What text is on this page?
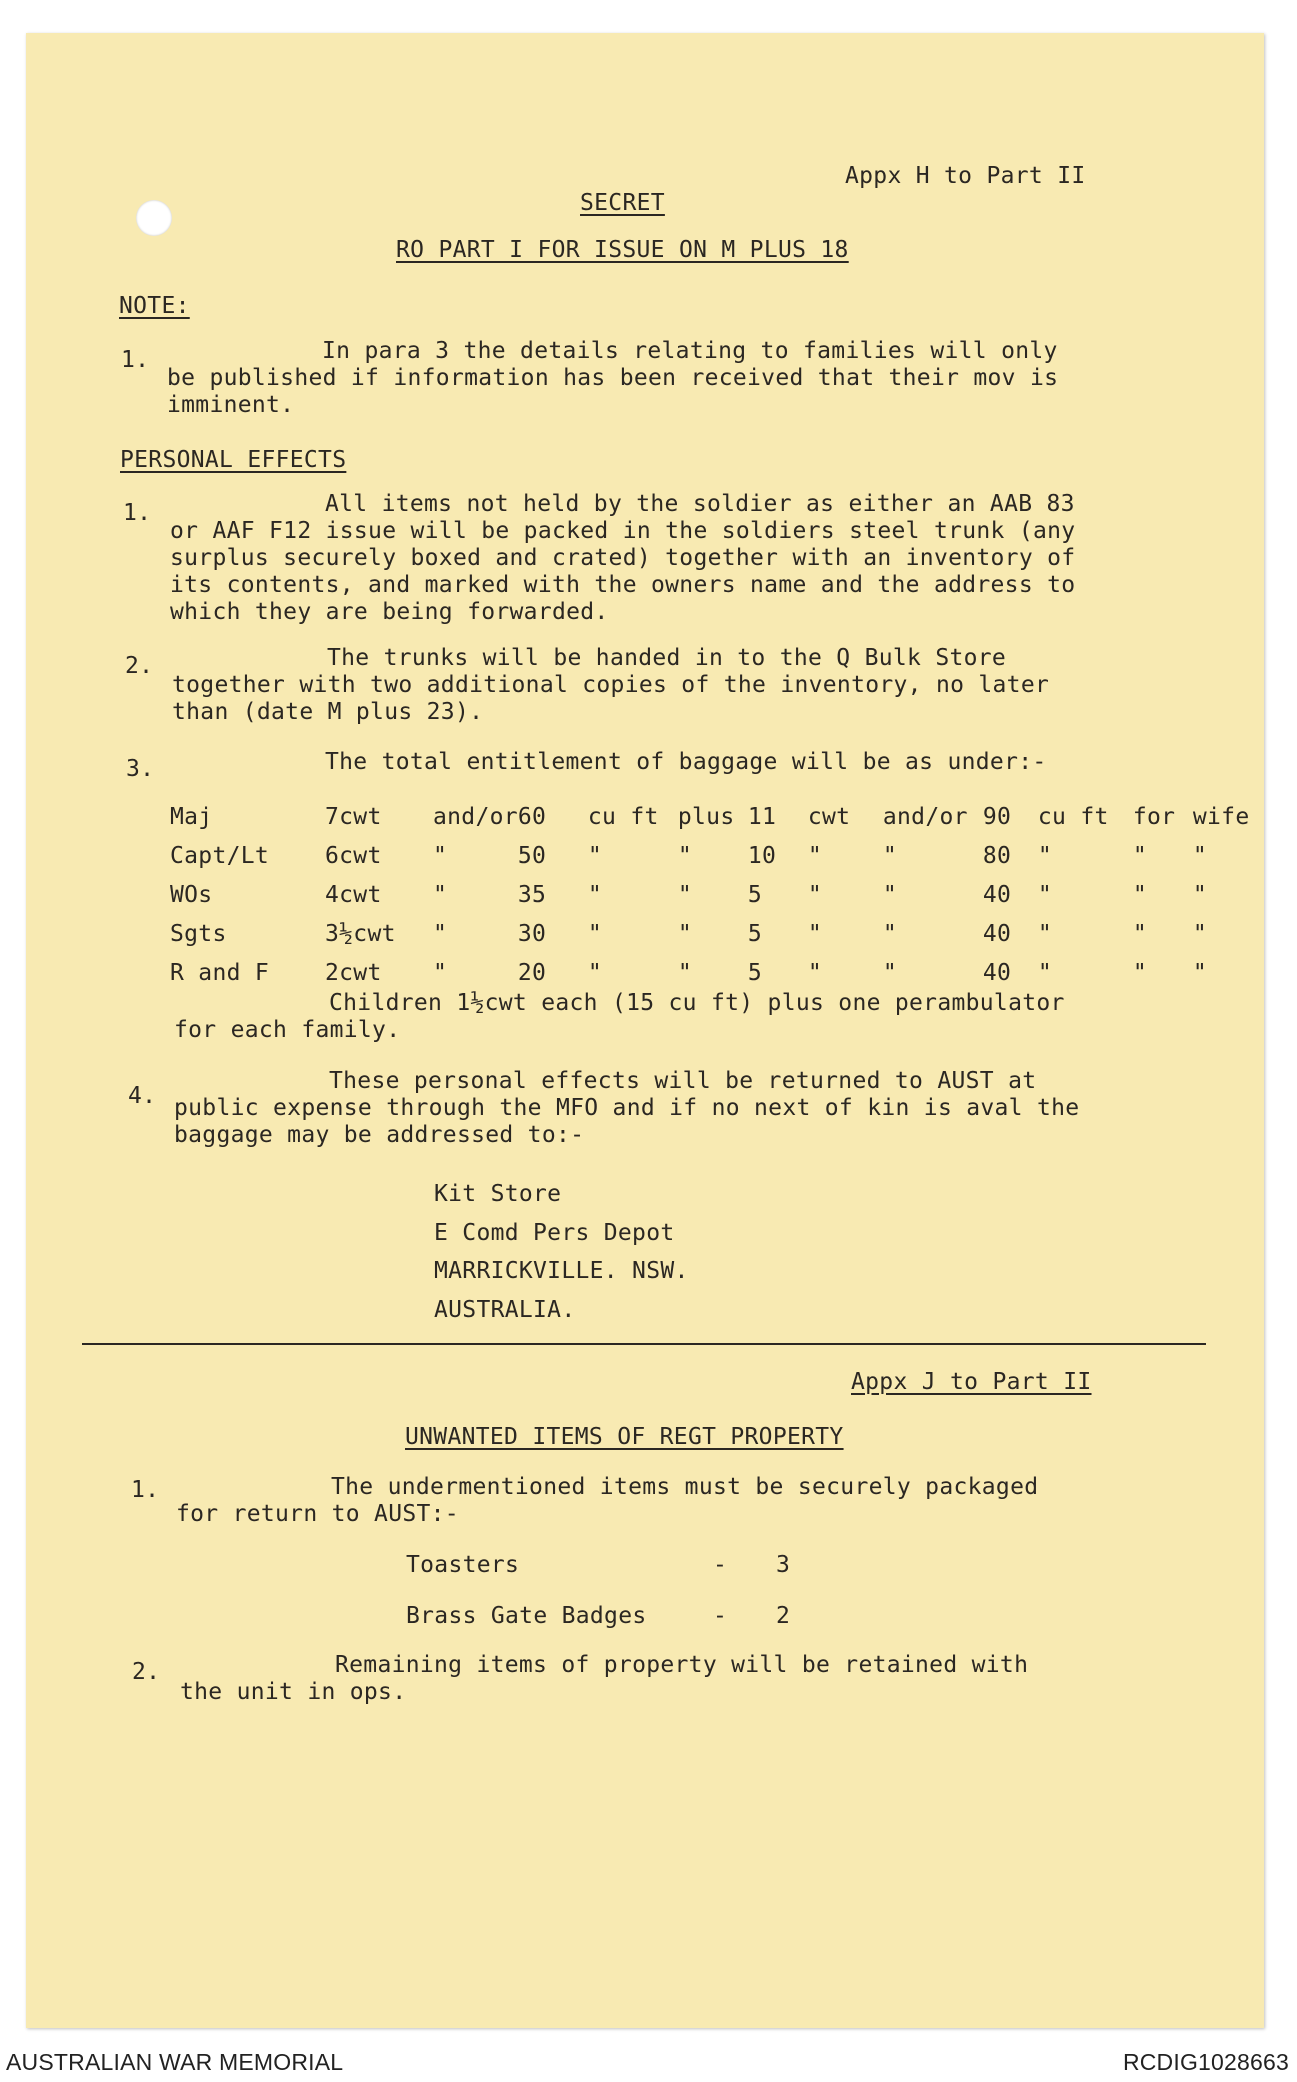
Appx H to Part II
SECRET
RO PART I FOR ISSUE ON M PLUS 18
NOTE:
1.	In para 3 the details relating to families will only
be published if information has been received that their mov is
imminent.
PERSONAL EFFECTS
1.	All items not held by the soldier as either an AAB 83
or AAF F12 issue will be packed in the soldiers steel trunk (any
surplus securely boxed and crated) together with an inventory of
its contents, and marked with the owners name and the address to
which they are being forwarded.
2.	The trunks will be handed in to the Q Bulk Store
together with two additional copies of the inventory, no later
than (date M plus 23).
3.	The total entitlement of baggage will be as under:-
Maj	7cwt	and/or	60	cu ft	plus	11	cwt	and/or	90	cu ft	for	wife
Capt/Lt	6cwt	"	50	"	"	10	"	"	80	"	"	"
WOs	4cwt	"	35	"	"	5	"	"	40	"	"	"
Sgts	3½cwt	"	30	"	"	5	"	"	40	"	"	"
R and F	2cwt	"	20	"	"	5	"	"	40	"	"	"
Children 1½cwt each (15 cu ft) plus one perambulator
for each family.
4.
These personal effects will be returned to AUST at
public expense through the MFO and if no next of kin is aval the
baggage may be addressed to:-
Kit Store
E Comd Pers Depot
MARRICKVILLE. NSW.
AUSTRALIA.
Appx J to Part II
UNWANTED ITEMS OF REGT PROPERTY
1.	The undermentioned items must be securely packaged
for return to AUST:-
Toasters	- 3
Brass Gate Badges	- 2
2.	Remaining items of property will be retained with
the unit in ops.
AUSTRALIAN WAR MEMORIAL	RCDIG1028663
